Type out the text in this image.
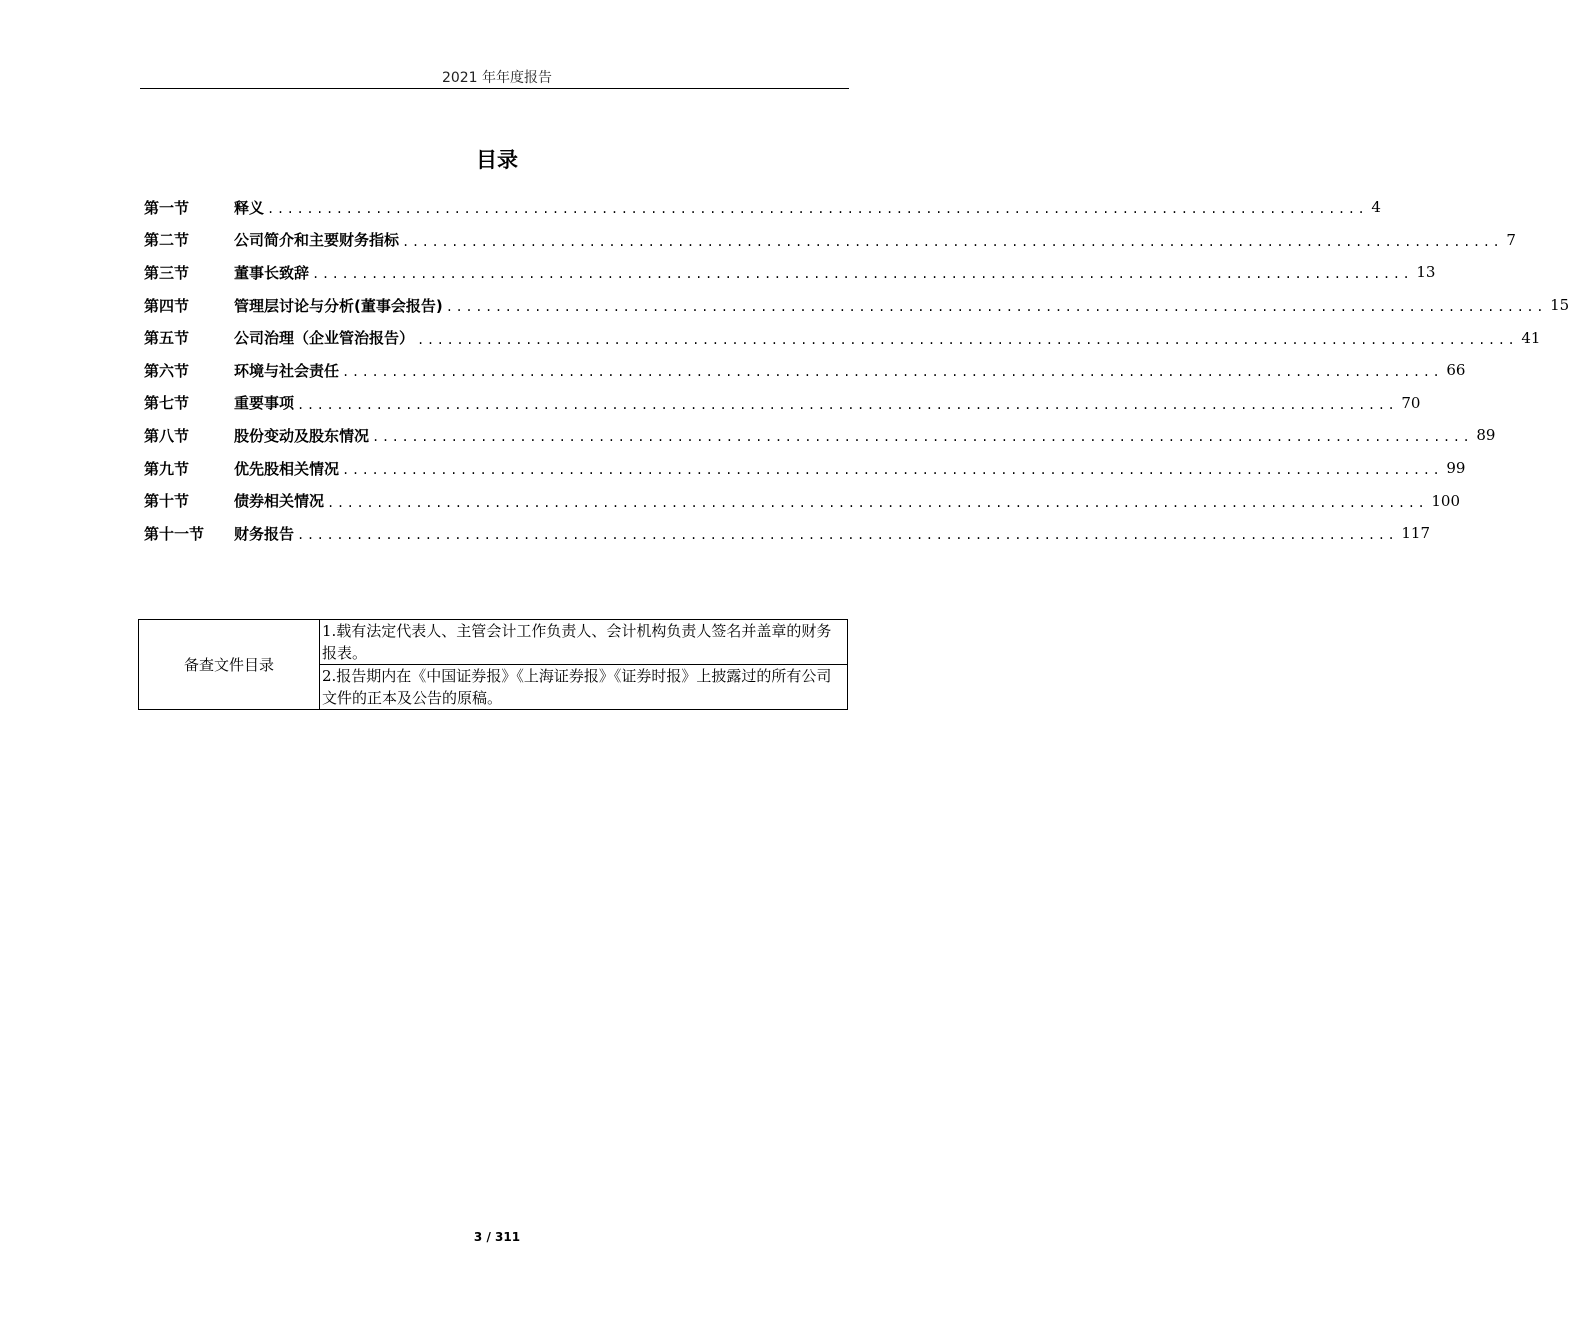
2021 年年度报告
目录
第一节	释义 ................................................................................................................ 4
第二节	公司简介和主要财务指标 ................................................................................................................ 7
第三节	董事长致辞 ................................................................................................................ 13
第四节	管理层讨论与分析(董事会报告) ................................................................................................................ 15
第五节	公司治理（企业管治报告） ................................................................................................................ 41
第六节	环境与社会责任 ................................................................................................................ 66
第七节	重要事项 ................................................................................................................ 70
第八节	股份变动及股东情况 ................................................................................................................ 89
第九节	优先股相关情况 ................................................................................................................ 99
第十节	债券相关情况 ................................................................................................................ 100
第十一节	财务报告 ................................................................................................................ 117
备查文件目录	1.载有法定代表人、主管会计工作负责人、会计机构负责人签名并盖章的财务报表。
2.报告期内在《中国证券报》《上海证券报》《证券时报》上披露过的所有公司文件的正本及公告的原稿。
3 / 311
